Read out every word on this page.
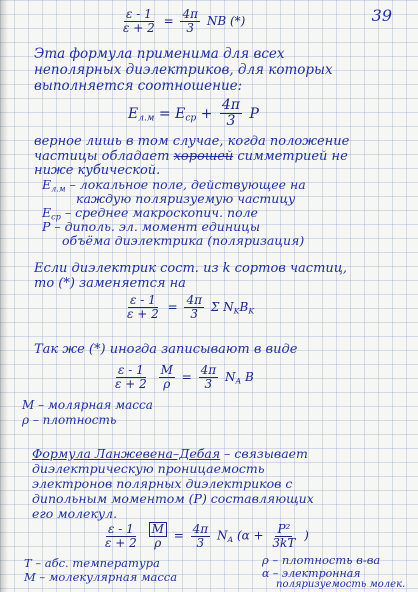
39
$\frac{\varepsilon - 1}{\varepsilon + 2} = \frac{4\pi}{3}$ NB (*)
Эта формула применима для всех
неполярных диэлектриков, для которых
выполняется соотношение:
$E_{л.м} = E_{ср} + \frac{4\pi}{3}$ P
верное лишь в том случае, когда положение
частицы обладает хорошей симметрией не
ниже кубической.
$E_{л.м}$ – локальное поле, действующее на
каждую поляризуемую частицу
$E_{ср}$ – среднее макроскопич. поле
P – диполь. эл. момент единицы
объёма диэлектрика (поляризация)
Если диэлектрик сост. из k сортов частиц,
то (*) заменяется на
$\frac{\varepsilon - 1}{\varepsilon + 2} = \frac{4\pi}{3}$ Σ $N_KB_K$
Так же (*) иногда записывают в виде
$\frac{\varepsilon - 1}{\varepsilon + 2}$
$\frac{M}{\rho} = \frac{4\pi}{3} N_A$ B
M – молярная масса
ρ – плотность
Формула Ланжевена–Дебая – связывает
диэлектрическую проницаемость
электронов полярных диэлектриков с
дипольным моментом (P) составляющих
его молекул.
$\frac{\varepsilon - 1}{\varepsilon + 2}$
$\frac{M}{\rho} = \frac{4\pi}{3} N_A$ ($\alpha + \frac{\text{P²}}{3kT}$ )
T – абс. температура
M – молекулярная масса
ρ – плотность в-ва
α – электронная
поляризуемость молек.
